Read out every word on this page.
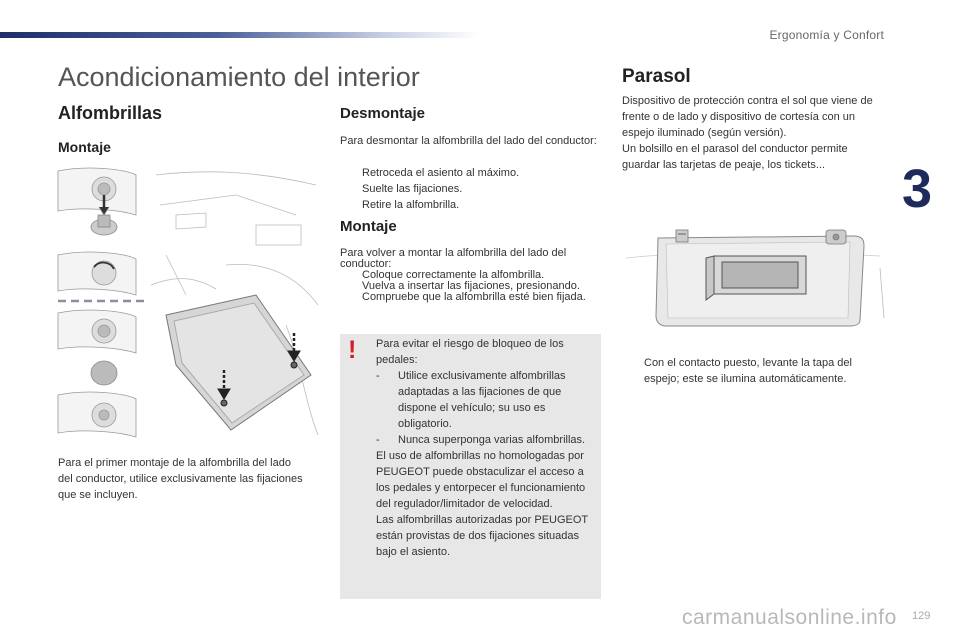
Ergonomía y Confort
3
Acondicionamiento del interior
Alfombrillas
Montaje

Para el primer montaje de la alfombrilla del lado del conductor, utilice exclusivamente las fijaciones que se incluyen.

Desmontaje

Para desmontar la alfombrilla del lado del conductor:

Retroceda el asiento al máximo.
Suelte las fijaciones.
Retire la alfombrilla.
Montaje

Para volver a montar la alfombrilla del lado del conductor:

Coloque correctamente la alfombrilla.
Vuelva a insertar las fijaciones, presionando.
Compruebe que la alfombrilla esté bien fijada.
! Para evitar el riesgo de bloqueo de los pedales:

- Utilice exclusivamente alfombrillas adaptadas a las fijaciones de que dispone el vehículo; su uso es obligatorio.
- Nunca superponga varias alfombrillas.

El uso de alfombrillas no homologadas por PEUGEOT puede obstaculizar el acceso a los pedales y entorpecer el funcionamiento del regulador/limitador de velocidad.

Las alfombrillas autorizadas por PEUGEOT están provistas de dos fijaciones situadas bajo el asiento.

Parasol

Dispositivo de protección contra el sol que viene de frente o de lado y dispositivo de cortesía con un espejo iluminado (según versión).

Un bolsillo en el parasol del conductor permite guardar las tarjetas de peaje, los tickets...

Con el contacto puesto, levante la tapa del espejo; este se ilumina automáticamente.
129
carmanualsonline.info
